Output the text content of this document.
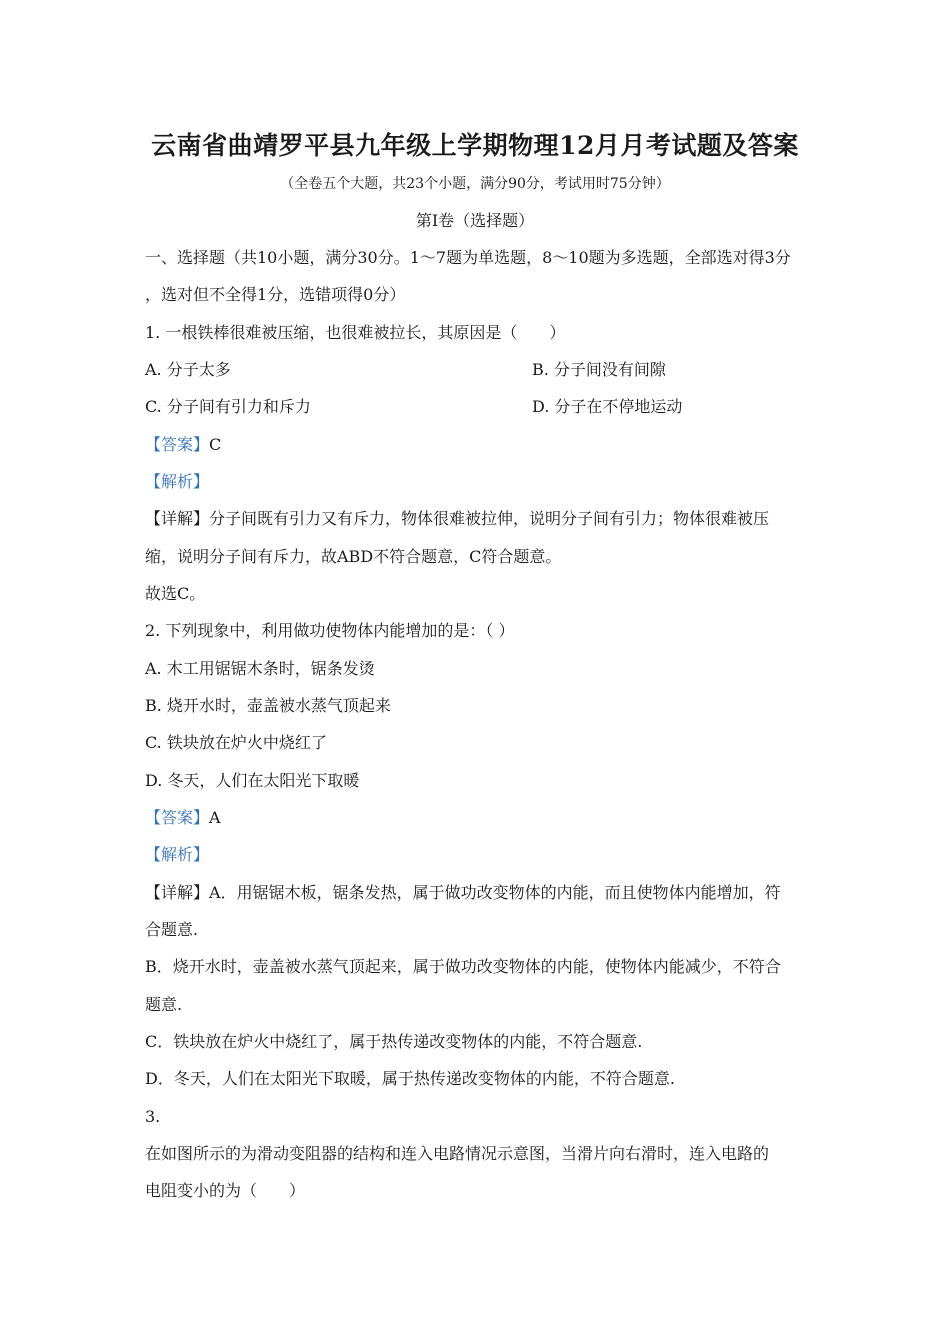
云南省曲靖罗平县九年级上学期物理12月月考试题及答案
（全卷五个大题，共23个小题，满分90分，考试用时75分钟）
第Ⅰ卷（选择题）
一、选择题（共10小题，满分30分。1～7题为单选题，8～10题为多选题，全部选对得3分
，选对但不全得1分，选错项得0分）
1. 一根铁棒很难被压缩，也很难被拉长，其原因是（　　）
A. 分子太多	B. 分子间没有间隙
C. 分子间有引力和斥力	D. 分子在不停地运动
【答案】C
【解析】
【详解】分子间既有引力又有斥力，物体很难被拉伸，说明分子间有引力；物体很难被压
缩，说明分子间有斥力，故ABD不符合题意，C符合题意。
故选C。
2. 下列现象中，利用做功使物体内能增加的是：（ ）
A. 木工用锯锯木条时，锯条发烫
B. 烧开水时，壶盖被水蒸气顶起来
C. 铁块放在炉火中烧红了
D. 冬天，人们在太阳光下取暖
【答案】A
【解析】
【详解】A．用锯锯木板，锯条发热，属于做功改变物体的内能，而且使物体内能增加，符
合题意.
B．烧开水时，壶盖被水蒸气顶起来，属于做功改变物体的内能，使物体内能减少，不符合
题意.
C．铁块放在炉火中烧红了，属于热传递改变物体的内能，不符合题意.
D．冬天，人们在太阳光下取暖，属于热传递改变物体的内能，不符合题意.
3.
在如图所示的为滑动变阻器的结构和连入电路情况示意图，当滑片向右滑时，连入电路的
电阻变小的为（　　）
